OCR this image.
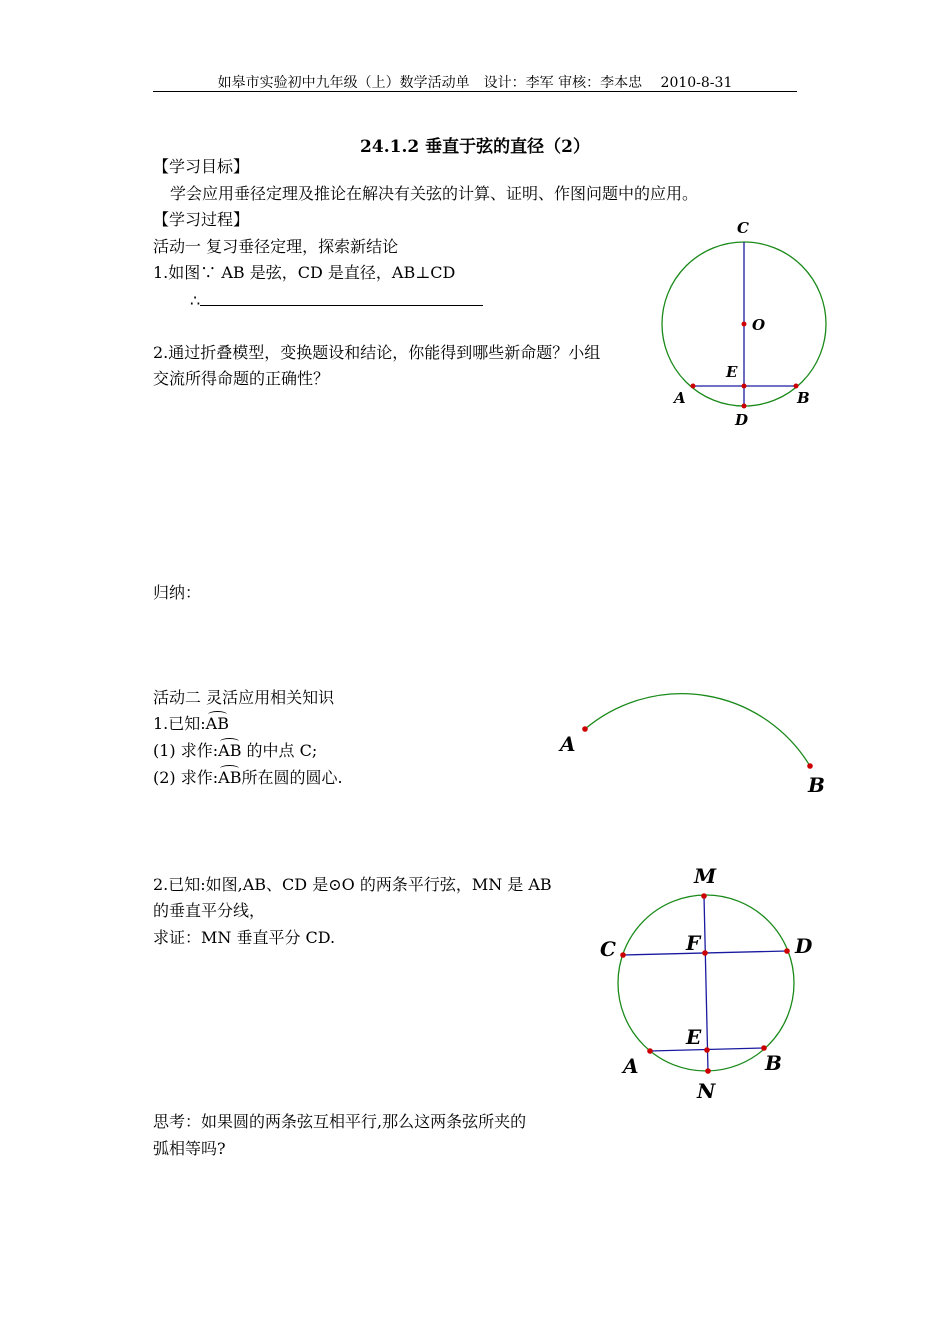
如皋市实验初中九年级（上）数学活动单　设计：李军 审核：李本忠　 2010-8-31
24.1.2 垂直于弦的直径（2）
【学习目标】
学会应用垂径定理及推论在解决有关弦的计算、证明、作图问题中的应用。
【学习过程】
活动一 复习垂径定理，探索新结论
1.如图∵ AB 是弦，CD 是直径，AB⊥CD
∴
2.通过折叠模型，变换题设和结论，你能得到哪些新命题？小组
交流所得命题的正确性？
归纳：
C
O
E
A	B
D
活动二 灵活应用相关知识
1.已知:AB
(1) 求作:AB 的中点 C;
(2) 求作:AB所在圆的圆心.
A
B
2.已知:如图,AB、CD 是⊙O 的两条平行弦，MN 是 AB
的垂直平分线，
求证：MN 垂直平分 CD.
M
C	F	D
E
A	B
N
思考：如果圆的两条弦互相平行,那么这两条弦所夹的
弧相等吗?
